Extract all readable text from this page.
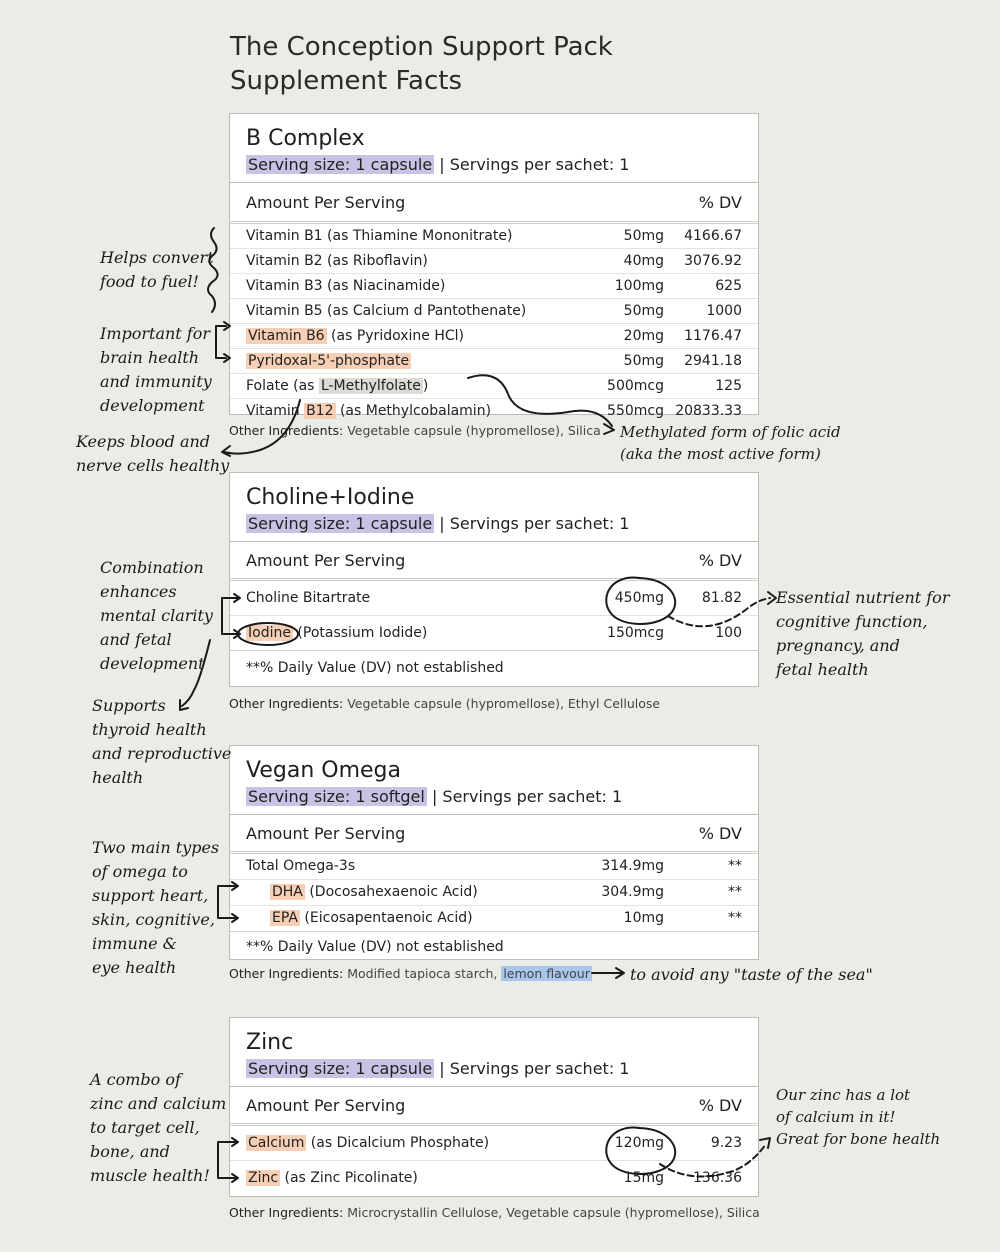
The Conception Support Pack
Supplement Facts
B Complex
Serving size: 1 capsule | Servings per sachet: 1
Amount Per Serving	% DV
Vitamin B1 (as Thiamine Mononitrate)	50mg 4166.67
Vitamin B2 (as Riboflavin)	40mg 3076.92
Vitamin B3 (as Niacinamide)	100mg	625
Vitamin B5 (as Calcium d Pantothenate)	50mg	1000
Vitamin B6 (as Pyridoxine HCl)	20mg 1176.47
Pyridoxal-5'-phosphate	50mg 2941.18
Folate (as L-Methylfolate )	500mcg	125
Vitamin B12 (as Methylcobalamin)	550mcg 20833.33
Other Ingredients: Vegetable capsule (hypromellose), Silica
Choline+Iodine
Serving size: 1 capsule | Servings per sachet: 1
Amount Per Serving	% DV
Choline Bitartrate	450mg	81.82
Iodine (Potassium Iodide)	150mcg	100
**% Daily Value (DV) not established
Other Ingredients: Vegetable capsule (hypromellose), Ethyl Cellulose
Vegan Omega
Serving size: 1 softgel | Servings per sachet: 1
Amount Per Serving	% DV
Total Omega-3s	314.9mg	**
DHA (Docosahexaenoic Acid)	304.9mg	**
EPA (Eicosapentaenoic Acid)	10mg	**
**% Daily Value (DV) not established
Other Ingredients: Modified tapioca starch, lemon flavour
Zinc
Serving size: 1 capsule | Servings per sachet: 1
Amount Per Serving	% DV
Calcium (as Dicalcium Phosphate)	120mg	9.23
Zinc (as Zinc Picolinate)	15mg 136.36
Other Ingredients: Microcrystallin Cellulose, Vegetable capsule (hypromellose), Silica
Helps convert
food to fuel!
Important for
brain health
and immunity
development
Keeps blood and
nerve cells healthy
Methylated form of folic acid
(aka the most active form)
Combination
enhances
mental clarity
and fetal
development
Supports
thyroid health
and reproductive
health
Essential nutrient for
cognitive function,
pregnancy, and
fetal health
Two main types
of omega to
support heart,
skin, cognitive,
immune &
eye health	to avoid any "taste of the sea"
A combo of
zinc and calcium
to target cell,
bone, and
muscle health!
Our zinc has a lot
of calcium in it!
Great for bone health
